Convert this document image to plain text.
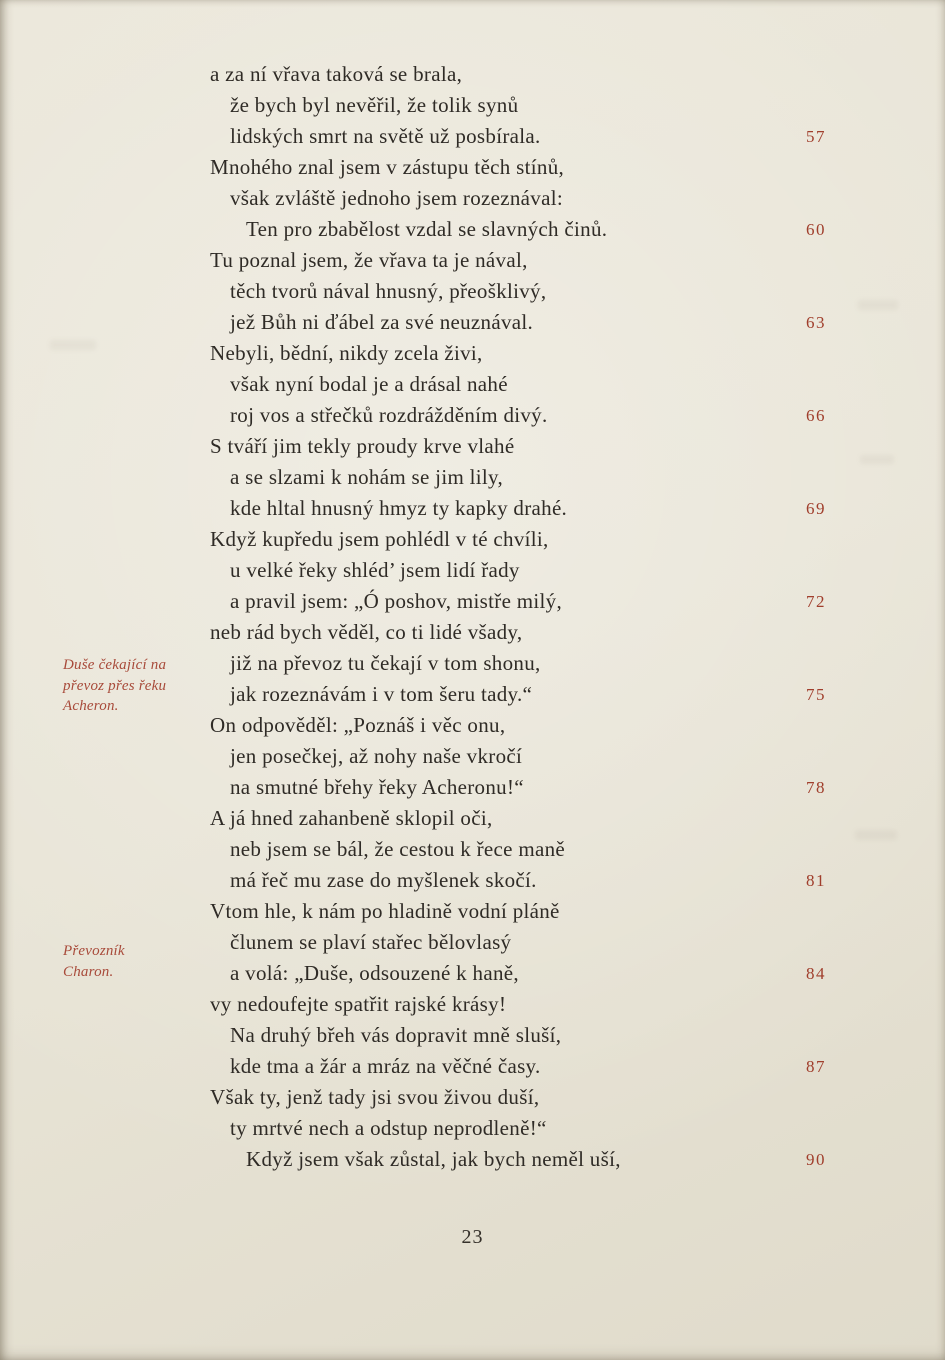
Duše čekající na
převoz přes řeku
Acheron.
Převozník
Charon.
a za ní vřava taková se brala,
že bych byl nevěřil, že tolik synů
lidských smrt na světě už posbírala.	57
Mnohého znal jsem v zástupu těch stínů,
však zvláště jednoho jsem rozeznával:
Ten pro zbabělost vzdal se slavných činů.	60
Tu poznal jsem, že vřava ta je nával,
těch tvorů nával hnusný, přeošklivý,
jež Bůh ni ďábel za své neuznával.	63
Nebyli, bědní, nikdy zcela živi,
však nyní bodal je a drásal nahé
roj vos a střečků rozdrážděním divý.	66
S tváří jim tekly proudy krve vlahé
a se slzami k nohám se jim lily,
kde hltal hnusný hmyz ty kapky drahé.	69
Když kupředu jsem pohlédl v té chvíli,
u velké řeky shléd’ jsem lidí řady
a pravil jsem: „Ó poshov, mistře milý,	72
neb rád bych věděl, co ti lidé všady,
již na převoz tu čekají v tom shonu,
jak rozeznávám i v tom šeru tady.“	75
On odpověděl: „Poznáš i věc onu,
jen posečkej, až nohy naše vkročí
na smutné břehy řeky Acheronu!“	78
A já hned zahanbeně sklopil oči,
neb jsem se bál, že cestou k řece maně
má řeč mu zase do myšlenek skočí.	81
Vtom hle, k nám po hladině vodní pláně
člunem se plaví stařec bělovlasý
a volá: „Duše, odsouzené k haně,	84
vy nedoufejte spatřit rajské krásy!
Na druhý břeh vás dopravit mně sluší,
kde tma a žár a mráz na věčné časy.	87
Však ty, jenž tady jsi svou živou duší,
ty mrtvé nech a odstup neprodleně!“
Když jsem však zůstal, jak bych neměl uší,	90
23
